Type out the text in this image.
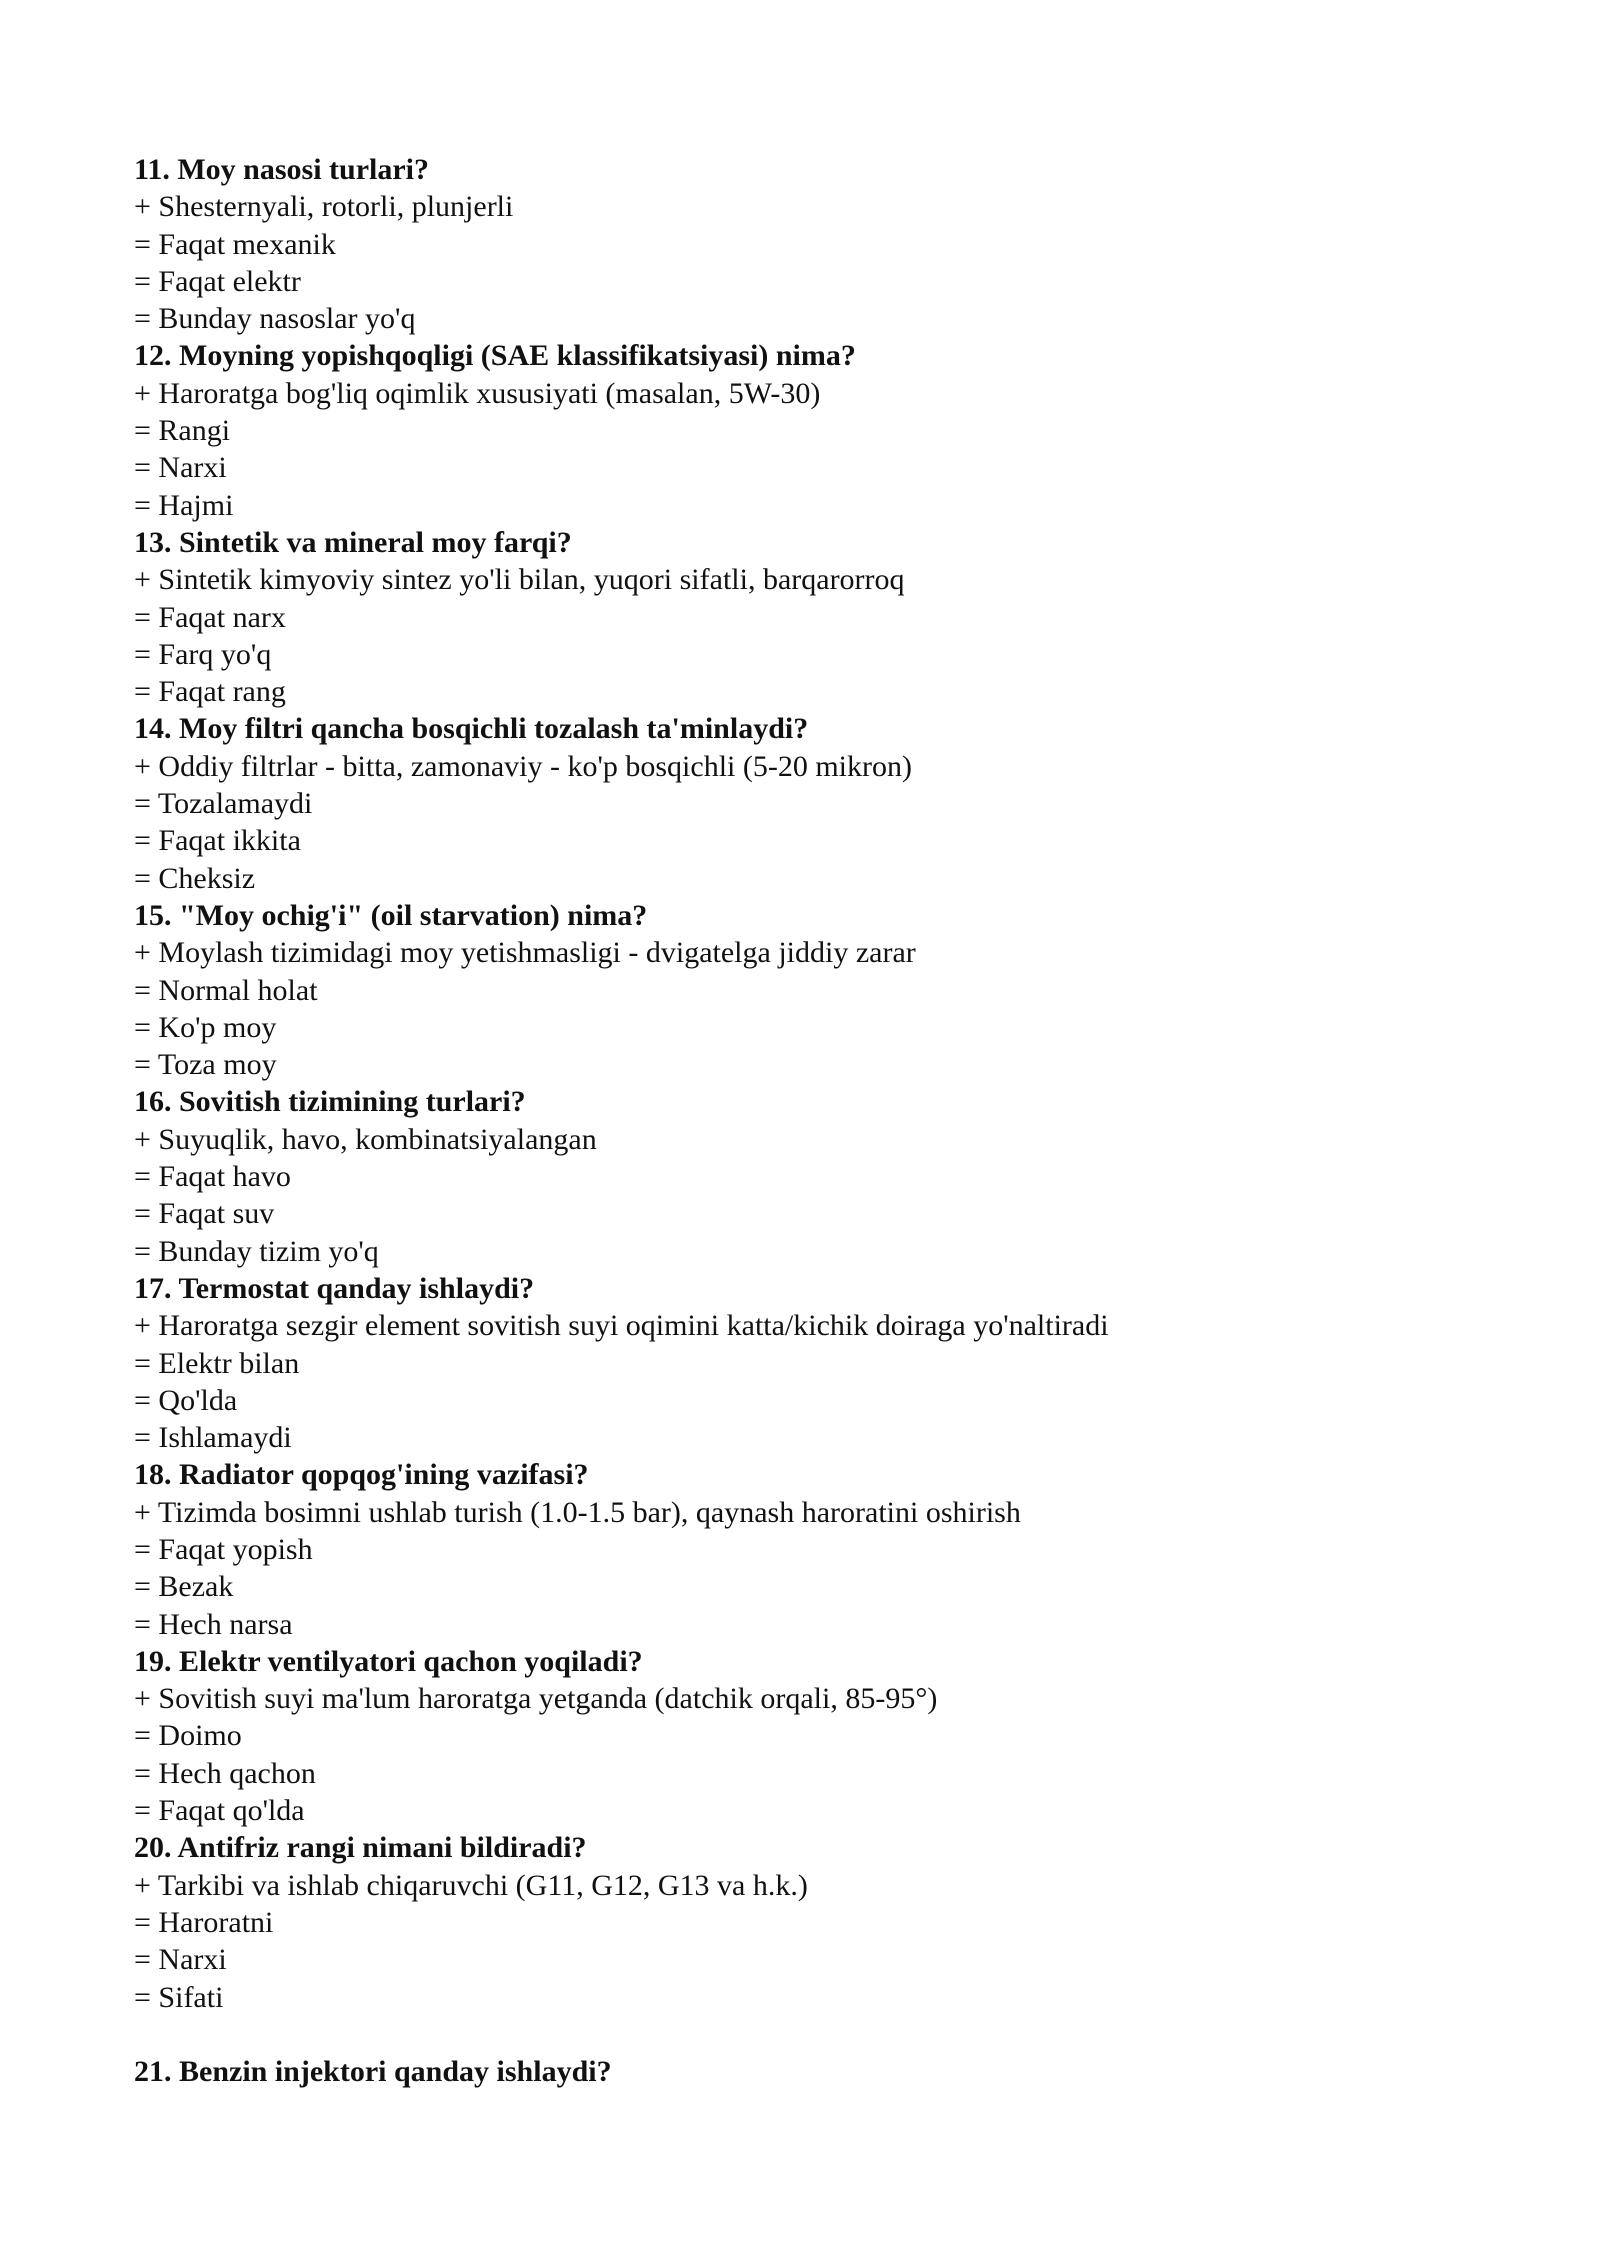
11. Moy nasosi turlari?
+ Shesternyali, rotorli, plunjerli
= Faqat mexanik
= Faqat elektr
= Bunday nasoslar yo'q
12. Moyning yopishqoqligi (SAE klassifikatsiyasi) nima?
+ Haroratga bog'liq oqimlik xususiyati (masalan, 5W-30)
= Rangi
= Narxi
= Hajmi
13. Sintetik va mineral moy farqi?
+ Sintetik kimyoviy sintez yo'li bilan, yuqori sifatli, barqarorroq
= Faqat narx
= Farq yo'q
= Faqat rang
14. Moy filtri qancha bosqichli tozalash ta'minlaydi?
+ Oddiy filtrlar - bitta, zamonaviy - ko'p bosqichli (5-20 mikron)
= Tozalamaydi
= Faqat ikkita
= Cheksiz
15. "Moy ochig'i" (oil starvation) nima?
+ Moylash tizimidagi moy yetishmasligi - dvigatelga jiddiy zarar
= Normal holat
= Ko'p moy
= Toza moy
16. Sovitish tizimining turlari?
+ Suyuqlik, havo, kombinatsiyalangan
= Faqat havo
= Faqat suv
= Bunday tizim yo'q
17. Termostat qanday ishlaydi?
+ Haroratga sezgir element sovitish suyi oqimini katta/kichik doiraga yo'naltiradi
= Elektr bilan
= Qo'lda
= Ishlamaydi
18. Radiator qopqog'ining vazifasi?
+ Tizimda bosimni ushlab turish (1.0-1.5 bar), qaynash haroratini oshirish
= Faqat yopish
= Bezak
= Hech narsa
19. Elektr ventilyatori qachon yoqiladi?
+ Sovitish suyi ma'lum haroratga yetganda (datchik orqali, 85-95°)
= Doimo
= Hech qachon
= Faqat qo'lda
20. Antifriz rangi nimani bildiradi?
+ Tarkibi va ishlab chiqaruvchi (G11, G12, G13 va h.k.)
= Haroratni
= Narxi
= Sifati
21. Benzin injektori qanday ishlaydi?
